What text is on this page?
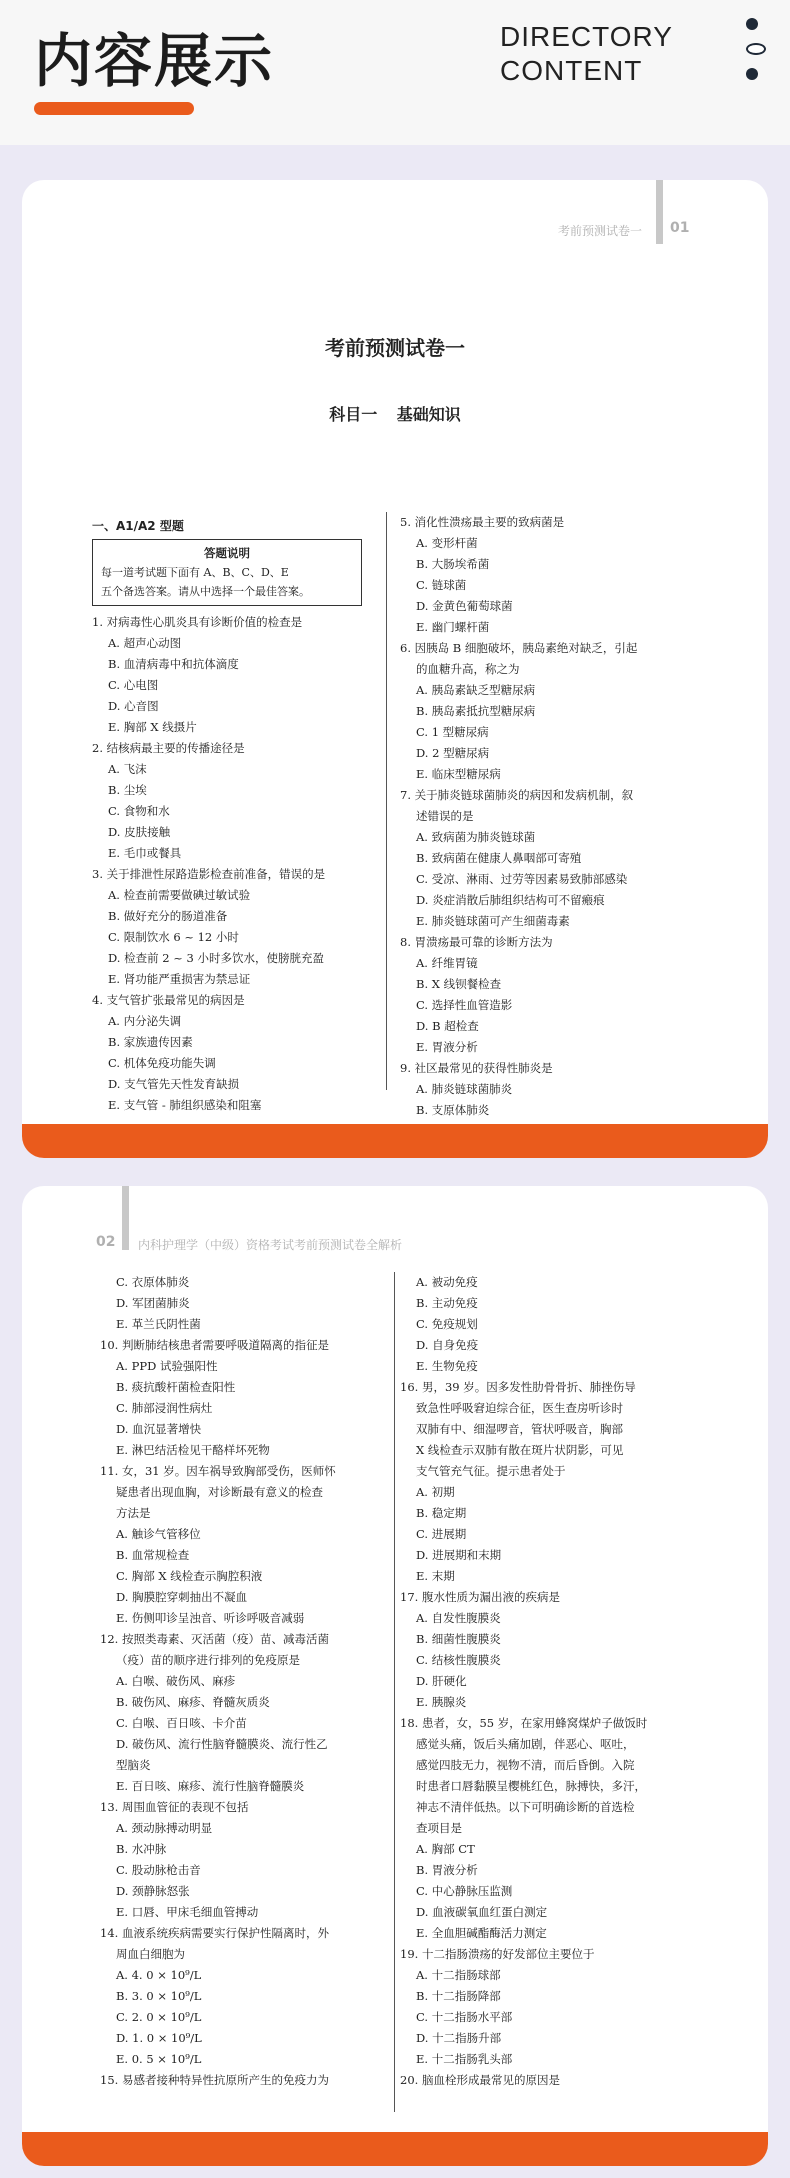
内容展示	DIRECTORY
CONTENT
考前预测试卷一 01
考前预测试卷一
科目一 基础知识
一、A1/A2 型题
答题说明
每一道考试题下面有 A、B、C、D、E
五个备选答案。请从中选择一个最佳答案。
1. 对病毒性心肌炎具有诊断价值的检查是
A. 超声心动图
B. 血清病毒中和抗体滴度
C. 心电图
D. 心音图
E. 胸部 X 线摄片
2. 结核病最主要的传播途径是
A. 飞沫
B. 尘埃
C. 食物和水
D. 皮肤接触
E. 毛巾或餐具
3. 关于排泄性尿路造影检查前准备，错误的是
A. 检查前需要做碘过敏试验
B. 做好充分的肠道准备
C. 限制饮水 6 ~ 12 小时
D. 检查前 2 ~ 3 小时多饮水，使膀胱充盈
E. 肾功能严重损害为禁忌证
4. 支气管扩张最常见的病因是
A. 内分泌失调
B. 家族遗传因素
C. 机体免疫功能失调
D. 支气管先天性发育缺损
E. 支气管 - 肺组织感染和阻塞
5. 消化性溃疡最主要的致病菌是
A. 变形杆菌
B. 大肠埃希菌
C. 链球菌
D. 金黄色葡萄球菌
E. 幽门螺杆菌
6. 因胰岛 B 细胞破坏，胰岛素绝对缺乏，引起
的血糖升高，称之为
A. 胰岛素缺乏型糖尿病
B. 胰岛素抵抗型糖尿病
C. 1 型糖尿病
D. 2 型糖尿病
E. 临床型糖尿病
7. 关于肺炎链球菌肺炎的病因和发病机制，叙
述错误的是
A. 致病菌为肺炎链球菌
B. 致病菌在健康人鼻咽部可寄殖
C. 受凉、淋雨、过劳等因素易致肺部感染
D. 炎症消散后肺组织结构可不留瘢痕
E. 肺炎链球菌可产生细菌毒素
8. 胃溃疡最可靠的诊断方法为
A. 纤维胃镜
B. X 线钡餐检查
C. 选择性血管造影
D. B 超检查
E. 胃液分析
9. 社区最常见的获得性肺炎是
A. 肺炎链球菌肺炎
B. 支原体肺炎
02 内科护理学（中级）资格考试考前预测试卷全解析
C. 衣原体肺炎
D. 军团菌肺炎
E. 革兰氏阴性菌
10. 判断肺结核患者需要呼吸道隔离的指征是
A. PPD 试验强阳性
B. 痰抗酸杆菌检查阳性
C. 肺部浸润性病灶
D. 血沉显著增快
E. 淋巴结活检见干酪样坏死物
11. 女，31 岁。因车祸导致胸部受伤，医师怀
疑患者出现血胸，对诊断最有意义的检查
方法是
A. 触诊气管移位
B. 血常规检查
C. 胸部 X 线检查示胸腔积液
D. 胸膜腔穿刺抽出不凝血
E. 伤侧叩诊呈浊音、听诊呼吸音减弱
12. 按照类毒素、灭活菌（疫）苗、减毒活菌
（疫）苗的顺序进行排列的免疫原是
A. 白喉、破伤风、麻疹
B. 破伤风、麻疹、脊髓灰质炎
C. 白喉、百日咳、卡介苗
D. 破伤风、流行性脑脊髓膜炎、流行性乙
型脑炎
E. 百日咳、麻疹、流行性脑脊髓膜炎
13. 周围血管征的表现不包括
A. 颈动脉搏动明显
B. 水冲脉
C. 股动脉枪击音
D. 颈静脉怒张
E. 口唇、甲床毛细血管搏动
14. 血液系统疾病需要实行保护性隔离时，外
周血白细胞为
A. 4. 0 × 10⁹/L
B. 3. 0 × 10⁹/L
C. 2. 0 × 10⁹/L
D. 1. 0 × 10⁹/L
E. 0. 5 × 10⁹/L
15. 易感者接种特异性抗原所产生的免疫力为
A. 被动免疫
B. 主动免疫
C. 免疫规划
D. 自身免疫
E. 生物免疫
16. 男，39 岁。因多发性肋骨骨折、肺挫伤导
致急性呼吸窘迫综合征，医生查房听诊时
双肺有中、细湿啰音，管状呼吸音，胸部
X 线检查示双肺有散在斑片状阴影，可见
支气管充气征。提示患者处于
A. 初期
B. 稳定期
C. 进展期
D. 进展期和末期
E. 末期
17. 腹水性质为漏出液的疾病是
A. 自发性腹膜炎
B. 细菌性腹膜炎
C. 结核性腹膜炎
D. 肝硬化
E. 胰腺炎
18. 患者，女，55 岁，在家用蜂窝煤炉子做饭时
感觉头痛，饭后头痛加剧，伴恶心、呕吐，
感觉四肢无力，视物不清，而后昏倒。入院
时患者口唇黏膜呈樱桃红色，脉搏快，多汗，
神志不清伴低热。以下可明确诊断的首选检
查项目是
A. 胸部 CT
B. 胃液分析
C. 中心静脉压监测
D. 血液碳氧血红蛋白测定
E. 全血胆碱酯酶活力测定
19. 十二指肠溃疡的好发部位主要位于
A. 十二指肠球部
B. 十二指肠降部
C. 十二指肠水平部
D. 十二指肠升部
E. 十二指肠乳头部
20. 脑血栓形成最常见的原因是
